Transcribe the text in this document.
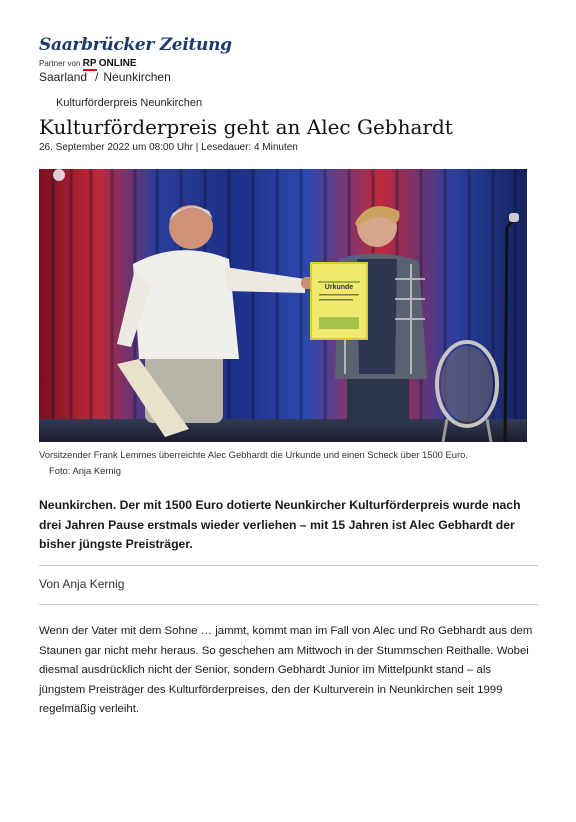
Saarbrücker Zeitung
Partner von RP ONLINE
Saarland / Neunkirchen
Kulturförderpreis Neunkirchen
Kulturförderpreis geht an Alec Gebhardt
26. September 2022 um 08:00 Uhr | Lesedauer: 4 Minuten
Urkunde
Vorsitzender Frank Lemmes überreichte Alec Gebhardt die Urkunde und einen Scheck über 1500 Euro.
Foto: Anja Kernig
Neunkirchen. Der mit 1500 Euro dotierte Neunkircher Kulturförderpreis wurde nach drei Jahren Pause erstmals wieder verliehen – mit 15 Jahren ist Alec Gebhardt der bisher jüngste Preisträger.
Von Anja Kernig

Wenn der Vater mit dem Sohne … jammt, kommt man im Fall von Alec und Ro Gebhardt aus dem Staunen gar nicht mehr heraus. So geschehen am Mittwoch in der Stummschen Reithalle. Wobei diesmal ausdrücklich nicht der Senior, sondern Gebhardt Junior im Mittelpunkt stand – als jüngstem Preisträger des Kulturförderpreises, den der Kulturverein in Neunkirchen seit 1999 regelmäßig verleiht.
